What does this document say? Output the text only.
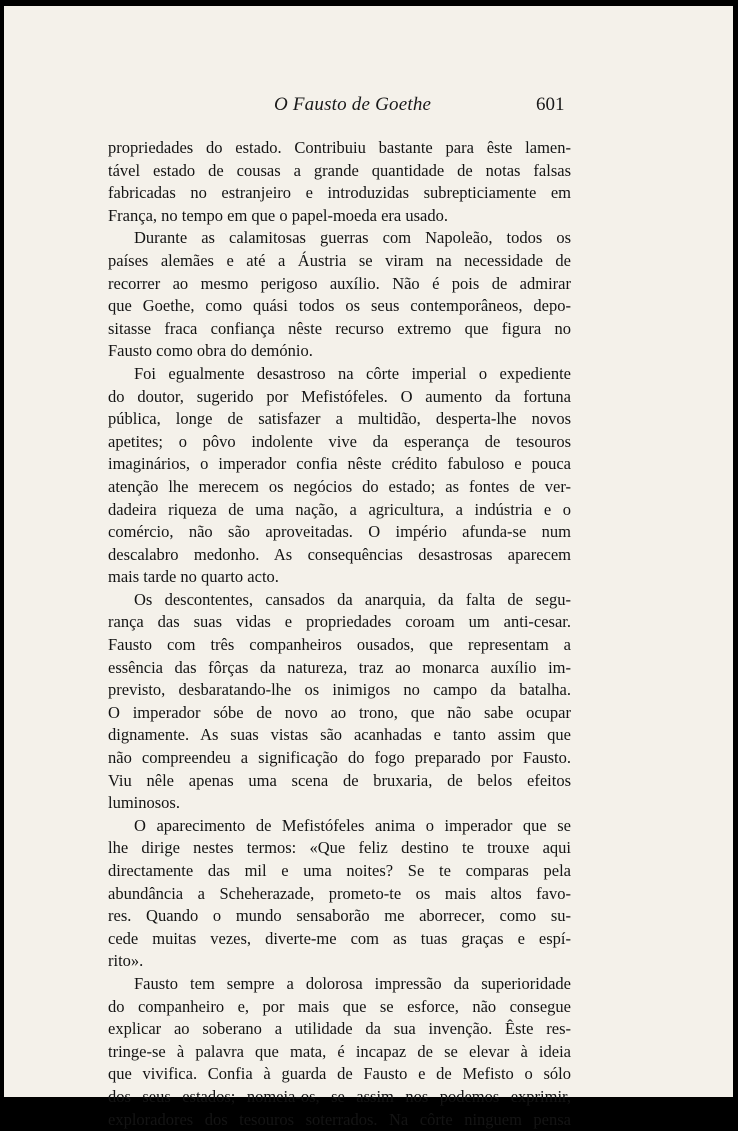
O Fausto de Goethe	601
propriedades do estado. Contribuiu bastante para êste lamen-
tável estado de cousas a grande quantidade de notas falsas
fabricadas no estranjeiro e introduzidas subrepticiamente em
França, no tempo em que o papel-moeda era usado.
Durante as calamitosas guerras com Napoleão, todos os
países alemães e até a Áustria se viram na necessidade de
recorrer ao mesmo perigoso auxílio. Não é pois de admirar
que Goethe, como quási todos os seus contemporâneos, depo-
sitasse fraca confiança nêste recurso extremo que figura no
Fausto como obra do demónio.
Foi egualmente desastroso na côrte imperial o expediente
do doutor, sugerido por Mefistófeles. O aumento da fortuna
pública, longe de satisfazer a multidão, desperta-lhe novos
apetites; o pôvo indolente vive da esperança de tesouros
imaginários, o imperador confia nêste crédito fabuloso e pouca
atenção lhe merecem os negócios do estado; as fontes de ver-
dadeira riqueza de uma nação, a agricultura, a indústria e o
comércio, não são aproveitadas. O império afunda-se num
descalabro medonho. As consequências desastrosas aparecem
mais tarde no quarto acto.
Os descontentes, cansados da anarquia, da falta de segu-
rança das suas vidas e propriedades coroam um anti-cesar.
Fausto com três companheiros ousados, que representam a
essência das fôrças da natureza, traz ao monarca auxílio im-
previsto, desbaratando-lhe os inimigos no campo da batalha.
O imperador sóbe de novo ao trono, que não sabe ocupar
dignamente. As suas vistas são acanhadas e tanto assim que
não compreendeu a significação do fogo preparado por Fausto.
Viu nêle apenas uma scena de bruxaria, de belos efeitos
luminosos.
O aparecimento de Mefistófeles anima o imperador que se
lhe dirige nestes termos: «Que feliz destino te trouxe aqui
directamente das mil e uma noites? Se te comparas pela
abundância a Scheherazade, prometo-te os mais altos favo-
res. Quando o mundo sensaborão me aborrecer, como su-
cede muitas vezes, diverte-me com as tuas graças e espí-
rito».
Fausto tem sempre a dolorosa impressão da superioridade
do companheiro e, por mais que se esforce, não consegue
explicar ao soberano a utilidade da sua invenção. Êste res-
tringe-se à palavra que mata, é incapaz de se elevar à ideia
que vivifica. Confia à guarda de Fausto e de Mefisto o sólo
dos seus estados; nomeia-os, se assim nos podemos exprimir,
exploradores dos tesouros soterrados. Na côrte ninguem pensa
